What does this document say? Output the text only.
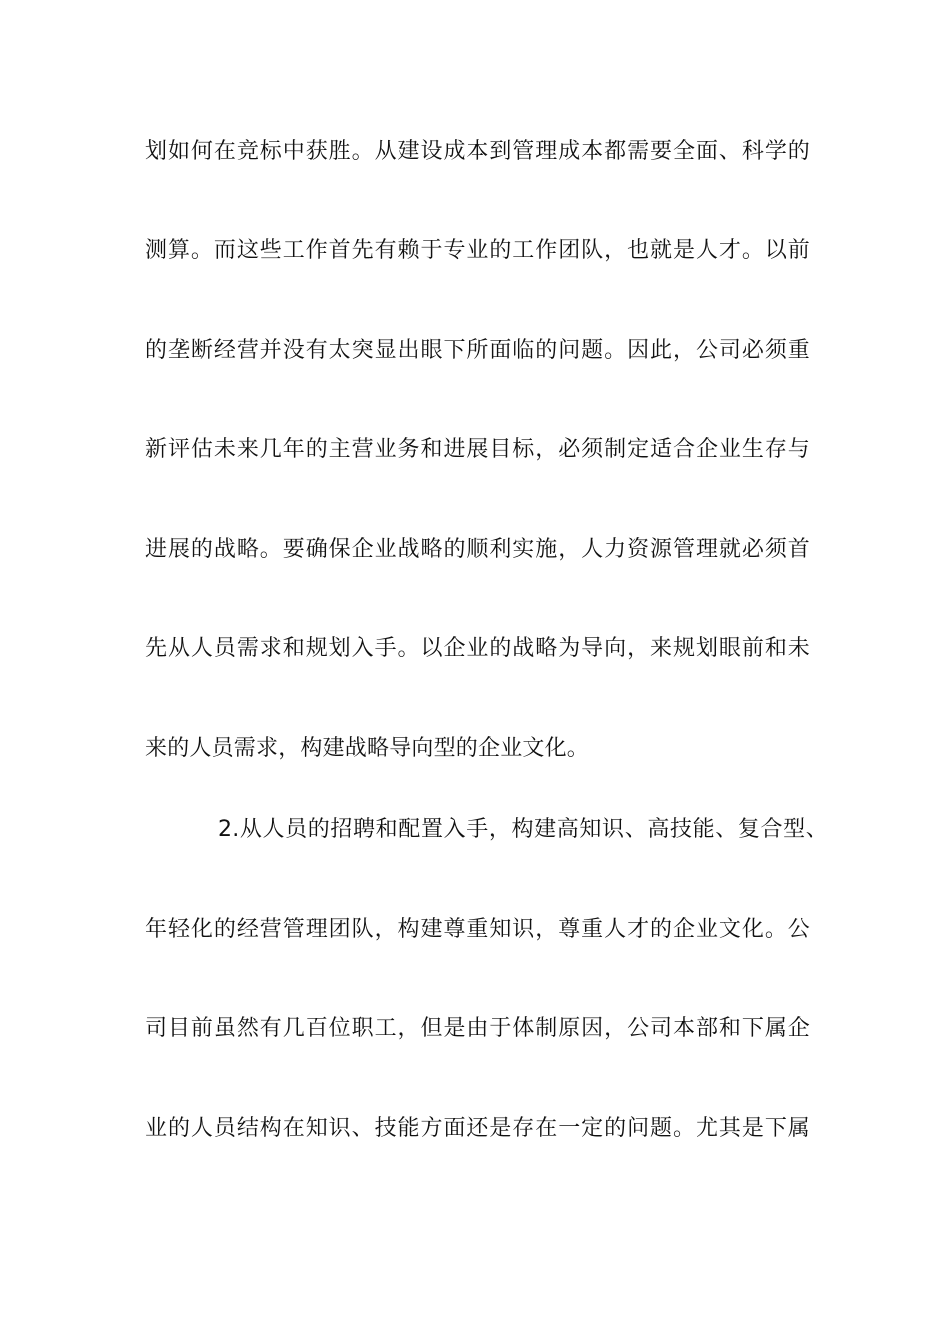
划如何在竞标中获胜。从建设成本到管理成本都需要全面、科学的
测算。而这些工作首先有赖于专业的工作团队，也就是人才。以前
的垄断经营并没有太突显出眼下所面临的问题。因此，公司必须重
新评估未来几年的主营业务和进展目标，必须制定适合企业生存与
进展的战略。要确保企业战略的顺利实施，人力资源管理就必须首
先从人员需求和规划入手。以企业的战略为导向，来规划眼前和未
来的人员需求，构建战略导向型的企业文化。
2.从人员的招聘和配置入手，构建高知识、高技能、复合型、
年轻化的经营管理团队，构建尊重知识，尊重人才的企业文化。公
司目前虽然有几百位职工，但是由于体制原因，公司本部和下属企
业的人员结构在知识、技能方面还是存在一定的问题。尤其是下属
